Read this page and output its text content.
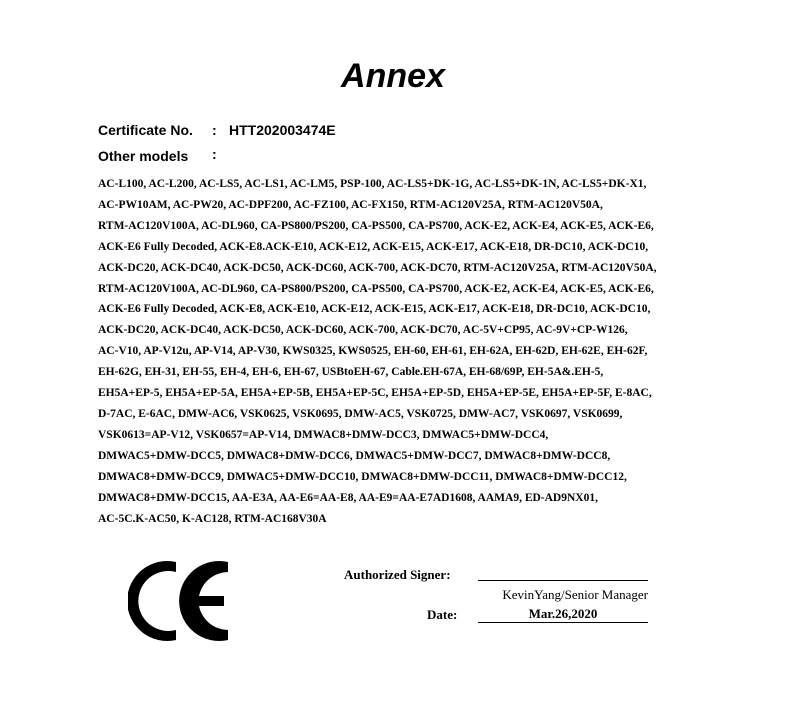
Annex
Certificate No. : HTT202003474E
Other models :
AC-L100, AC-L200, AC-LS5, AC-LS1, AC-LM5, PSP-100, AC-LS5+DK-1G, AC-LS5+DK-1N, AC-LS5+DK-X1,
AC-PW10AM, AC-PW20, AC-DPF200, AC-FZ100, AC-FX150, RTM-AC120V25A, RTM-AC120V50A,
RTM-AC120V100A, AC-DL960, CA-PS800/PS200, CA-PS500, CA-PS700, ACK-E2, ACK-E4, ACK-E5, ACK-E6,
ACK-E6 Fully Decoded, ACK-E8.ACK-E10, ACK-E12, ACK-E15, ACK-E17, ACK-E18, DR-DC10, ACK-DC10,
ACK-DC20, ACK-DC40, ACK-DC50, ACK-DC60, ACK-700, ACK-DC70, RTM-AC120V25A, RTM-AC120V50A,
RTM-AC120V100A, AC-DL960, CA-PS800/PS200, CA-PS500, CA-PS700, ACK-E2, ACK-E4, ACK-E5, ACK-E6,
ACK-E6 Fully Decoded, ACK-E8, ACK-E10, ACK-E12, ACK-E15, ACK-E17, ACK-E18, DR-DC10, ACK-DC10,
ACK-DC20, ACK-DC40, ACK-DC50, ACK-DC60, ACK-700, ACK-DC70, AC-5V+CP95, AC-9V+CP-W126,
AC-V10, AP-V12u, AP-V14, AP-V30, KWS0325, KWS0525, EH-60, EH-61, EH-62A, EH-62D, EH-62E, EH-62F,
EH-62G, EH-31, EH-55, EH-4, EH-6, EH-67, USBtoEH-67, Cable.EH-67A, EH-68/69P, EH-5A&.EH-5,
EH5A+EP-5, EH5A+EP-5A, EH5A+EP-5B, EH5A+EP-5C, EH5A+EP-5D, EH5A+EP-5E, EH5A+EP-5F, E-8AC,
D-7AC, E-6AC, DMW-AC6, VSK0625, VSK0695, DMW-AC5, VSK0725, DMW-AC7, VSK0697, VSK0699,
VSK0613=AP-V12, VSK0657=AP-V14, DMWAC8+DMW-DCC3, DMWAC5+DMW-DCC4,
DMWAC5+DMW-DCC5, DMWAC8+DMW-DCC6, DMWAC5+DMW-DCC7, DMWAC8+DMW-DCC8,
DMWAC8+DMW-DCC9, DMWAC5+DMW-DCC10, DMWAC8+DMW-DCC11, DMWAC8+DMW-DCC12,
DMWAC8+DMW-DCC15, AA-E3A, AA-E6=AA-E8, AA-E9=AA-E7AD1608, AAMA9, ED-AD9NX01,
AC-5C.K-AC50, K-AC128, RTM-AC168V30A
Authorized Signer:
KevinYang/Senior Manager
Date:	Mar.26,2020
